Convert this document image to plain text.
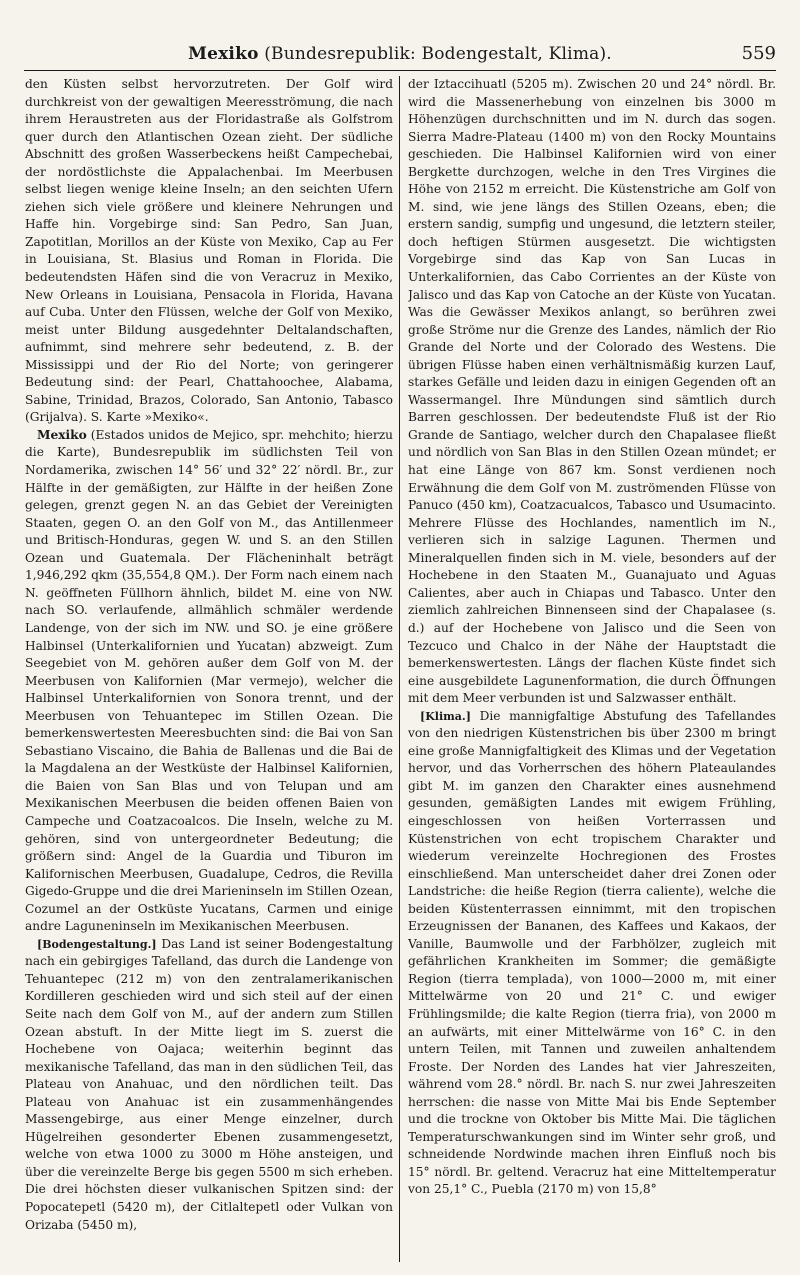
Mexiko (Bundesrepublik: Bodengestalt, Klima).	559

den Küsten selbst hervorzutreten. Der Golf wird durchkreist von der gewaltigen Meeresströmung, die nach ihrem Heraustreten aus der Floridastraße als Golfstrom quer durch den Atlantischen Ozean zieht. Der südliche Abschnitt des großen Wasserbeckens heißt Campechebai, der nordöstlichste die Appalachenbai. Im Meerbusen selbst liegen wenige kleine Inseln; an den seichten Ufern ziehen sich viele größere und kleinere Nehrungen und Haffe hin. Vorgebirge sind: San Pedro, San Juan, Zapotitlan, Morillos an der Küste von Mexiko, Cap au Fer in Louisiana, St. Blasius und Roman in Florida. Die bedeutendsten Häfen sind die von Veracruz in Mexiko, New Orleans in Louisiana, Pensacola in Florida, Havana auf Cuba. Unter den Flüssen, welche der Golf von Mexiko, meist unter Bildung ausgedehnter Deltalandschaften, aufnimmt, sind mehrere sehr bedeutend, z. B. der Mississippi und der Rio del Norte; von geringerer Bedeutung sind: der Pearl, Chattahoochee, Alabama, Sabine, Trinidad, Brazos, Colorado, San Antonio, Tabasco (Grijalva). S. Karte »Mexiko«.

Mexiko (Estados unidos de Mejico, spr. mehchito; hierzu die Karte), Bundesrepublik im südlichsten Teil von Nordamerika, zwischen 14° 56′ und 32° 22′ nördl. Br., zur Hälfte in der gemäßigten, zur Hälfte in der heißen Zone gelegen, grenzt gegen N. an das Gebiet der Vereinigten Staaten, gegen O. an den Golf von M., das Antillenmeer und Britisch-Honduras, gegen W. und S. an den Stillen Ozean und Guatemala. Der Flächeninhalt beträgt 1,946,292 qkm (35,554,8 QM.). Der Form nach einem nach N. geöffneten Füllhorn ähnlich, bildet M. eine von NW. nach SO. verlaufende, allmählich schmäler werdende Landenge, von der sich im NW. und SO. je eine größere Halbinsel (Unterkalifornien und Yucatan) abzweigt. Zum Seegebiet von M. gehören außer dem Golf von M. der Meerbusen von Kalifornien (Mar vermejo), welcher die Halbinsel Unterkalifornien von Sonora trennt, und der Meerbusen von Tehuantepec im Stillen Ozean. Die bemerkenswertesten Meeresbuchten sind: die Bai von San Sebastiano Viscaino, die Bahia de Ballenas und die Bai de la Magdalena an der Westküste der Halbinsel Kalifornien, die Baien von San Blas und von Telupan und am Mexikanischen Meerbusen die beiden offenen Baien von Campeche und Coatzacoalcos. Die Inseln, welche zu M. gehören, sind von untergeordneter Bedeutung; die größern sind: Angel de la Guardia und Tiburon im Kalifornischen Meerbusen, Guadalupe, Cedros, die Revilla Gigedo-Gruppe und die drei Marieninseln im Stillen Ozean, Cozumel an der Ostküste Yucatans, Carmen und einige andre Laguneninseln im Mexikanischen Meerbusen.

[Bodengestaltung.] Das Land ist seiner Bodengestaltung nach ein gebirgiges Tafelland, das durch die Landenge von Tehuantepec (212 m) von den zentralamerikanischen Kordilleren geschieden wird und sich steil auf der einen Seite nach dem Golf von M., auf der andern zum Stillen Ozean abstuft. In der Mitte liegt im S. zuerst die Hochebene von Oajaca; weiterhin beginnt das mexikanische Tafelland, das man in den südlichen Teil, das Plateau von Anahuac, und den nördlichen teilt. Das Plateau von Anahuac ist ein zusammenhängendes Massengebirge, aus einer Menge einzelner, durch Hügelreihen gesonderter Ebenen zusammengesetzt, welche von etwa 1000 zu 3000 m Höhe ansteigen, und über die vereinzelte Berge bis gegen 5500 m sich erheben. Die drei höchsten dieser vulkanischen Spitzen sind: der Popocatepetl (5420 m), der Citlaltepetl oder Vulkan von Orizaba (5450 m),

der Iztaccihuatl (5205 m). Zwischen 20 und 24° nördl. Br. wird die Massenerhebung von einzelnen bis 3000 m Höhenzügen durchschnitten und im N. durch das sogen. Sierra Madre-Plateau (1400 m) von den Rocky Mountains geschieden. Die Halbinsel Kalifornien wird von einer Bergkette durchzogen, welche in den Tres Virgines die Höhe von 2152 m erreicht. Die Küstenstriche am Golf von M. sind, wie jene längs des Stillen Ozeans, eben; die erstern sandig, sumpfig und ungesund, die letztern steiler, doch heftigen Stürmen ausgesetzt. Die wichtigsten Vorgebirge sind das Kap von San Lucas in Unterkalifornien, das Cabo Corrientes an der Küste von Jalisco und das Kap von Catoche an der Küste von Yucatan. Was die Gewässer Mexikos anlangt, so berühren zwei große Ströme nur die Grenze des Landes, nämlich der Rio Grande del Norte und der Colorado des Westens. Die übrigen Flüsse haben einen verhältnismäßig kurzen Lauf, starkes Gefälle und leiden dazu in einigen Gegenden oft an Wassermangel. Ihre Mündungen sind sämtlich durch Barren geschlossen. Der bedeutendste Fluß ist der Rio Grande de Santiago, welcher durch den Chapalasee fließt und nördlich von San Blas in den Stillen Ozean mündet; er hat eine Länge von 867 km. Sonst verdienen noch Erwähnung die dem Golf von M. zuströmenden Flüsse von Panuco (450 km), Coatzacualcos, Tabasco und Usumacinto. Mehrere Flüsse des Hochlandes, namentlich im N., verlieren sich in salzige Lagunen. Thermen und Mineralquellen finden sich in M. viele, besonders auf der Hochebene in den Staaten M., Guanajuato und Aguas Calientes, aber auch in Chiapas und Tabasco. Unter den ziemlich zahlreichen Binnenseen sind der Chapalasee (s. d.) auf der Hochebene von Jalisco und die Seen von Tezcuco und Chalco in der Nähe der Hauptstadt die bemerkenswertesten. Längs der flachen Küste findet sich eine ausgebildete Lagunenformation, die durch Öffnungen mit dem Meer verbunden ist und Salzwasser enthält.

[Klima.] Die mannigfaltige Abstufung des Tafellandes von den niedrigen Küstenstrichen bis über 2300 m bringt eine große Mannigfaltigkeit des Klimas und der Vegetation hervor, und das Vorherrschen des höhern Plateaulandes gibt M. im ganzen den Charakter eines ausnehmend gesunden, gemäßigten Landes mit ewigem Frühling, eingeschlossen von heißen Vorterrassen und Küstenstrichen von echt tropischem Charakter und wiederum vereinzelte Hochregionen des Frostes einschließend. Man unterscheidet daher drei Zonen oder Landstriche: die heiße Region (tierra caliente), welche die beiden Küstenterrassen einnimmt, mit den tropischen Erzeugnissen der Bananen, des Kaffees und Kakaos, der Vanille, Baumwolle und der Farbhölzer, zugleich mit gefährlichen Krankheiten im Sommer; die gemäßigte Region (tierra templada), von 1000—2000 m, mit einer Mittelwärme von 20 und 21° C. und ewiger Frühlingsmilde; die kalte Region (tierra fria), von 2000 m an aufwärts, mit einer Mittelwärme von 16° C. in den untern Teilen, mit Tannen und zuweilen anhaltendem Froste. Der Norden des Landes hat vier Jahreszeiten, während vom 28.° nördl. Br. nach S. nur zwei Jahreszeiten herrschen: die nasse von Mitte Mai bis Ende September und die trockne von Oktober bis Mitte Mai. Die täglichen Temperaturschwankungen sind im Winter sehr groß, und schneidende Nordwinde machen ihren Einfluß noch bis 15° nördl. Br. geltend. Veracruz hat eine Mitteltemperatur von 25,1° C., Puebla (2170 m) von 15,8°
